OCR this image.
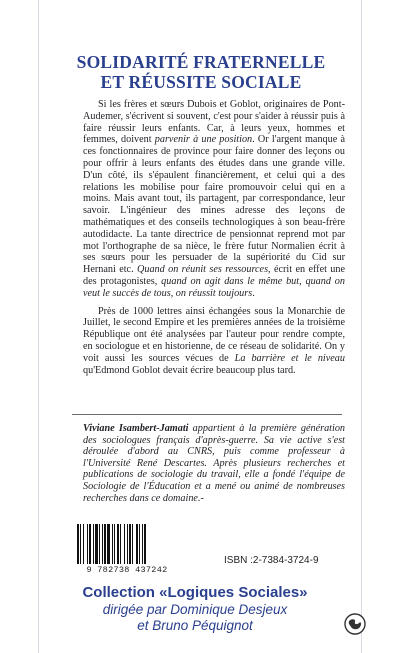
SOLIDARITÉ FRATERNELLE
ET RÉUSSITE SOCIALE

Si les frères et sœurs Dubois et Goblot, originaires de Pont-Audemer, s'écrivent si souvent, c'est pour s'aider à réussir puis à faire réussir leurs enfants. Car, à leurs yeux, hommes et femmes, doivent parvenir à une position. Or l'argent manque à ces fonctionnaires de province pour faire donner des leçons ou pour offrir à leurs enfants des études dans une grande ville. D'un côté, ils s'épaulent financièrement, et celui qui a des relations les mobilise pour faire promouvoir celui qui en a moins. Mais avant tout, ils partagent, par correspondance, leur savoir. L'ingénieur des mines adresse des leçons de mathématiques et des conseils technologiques à son beau-frère autodidacte. La tante directrice de pensionnat reprend mot par mot l'orthographe de sa nièce, le frère futur Normalien écrit à ses sœurs pour les persuader de la supériorité du Cid sur Hernani etc. Quand on réunit ses ressources, écrit en effet une des protagonistes, quand on agit dans le même but, quand on veut le succès de tous, on réussit toujours.

Près de 1000 lettres ainsi échangées sous la Monarchie de Juillet, le second Empire et les premières années de la troisième République ont été analysées par l'auteur pour rendre compte, en sociologue et en historienne, de ce réseau de solidarité. On y voit aussi les sources vécues de La barrière et le niveau qu'Edmond Goblot devait écrire beaucoup plus tard.

Viviane Isambert-Jamati appartient à la première génération des sociologues français d'après-guerre. Sa vie active s'est déroulée d'abord au CNRS, puis comme professeur à l'Université René Descartes. Après plusieurs recherches et publications de sociologie du travail, elle a fondé l'équipe de Sociologie de l'Éducation et a mené ou animé de nombreuses recherches dans ce domaine.-
9 782738 437242
ISBN :2-7384-3724-9
Collection «Logiques Sociales»
dirigée par Dominique Desjeux
et Bruno Péquignot
